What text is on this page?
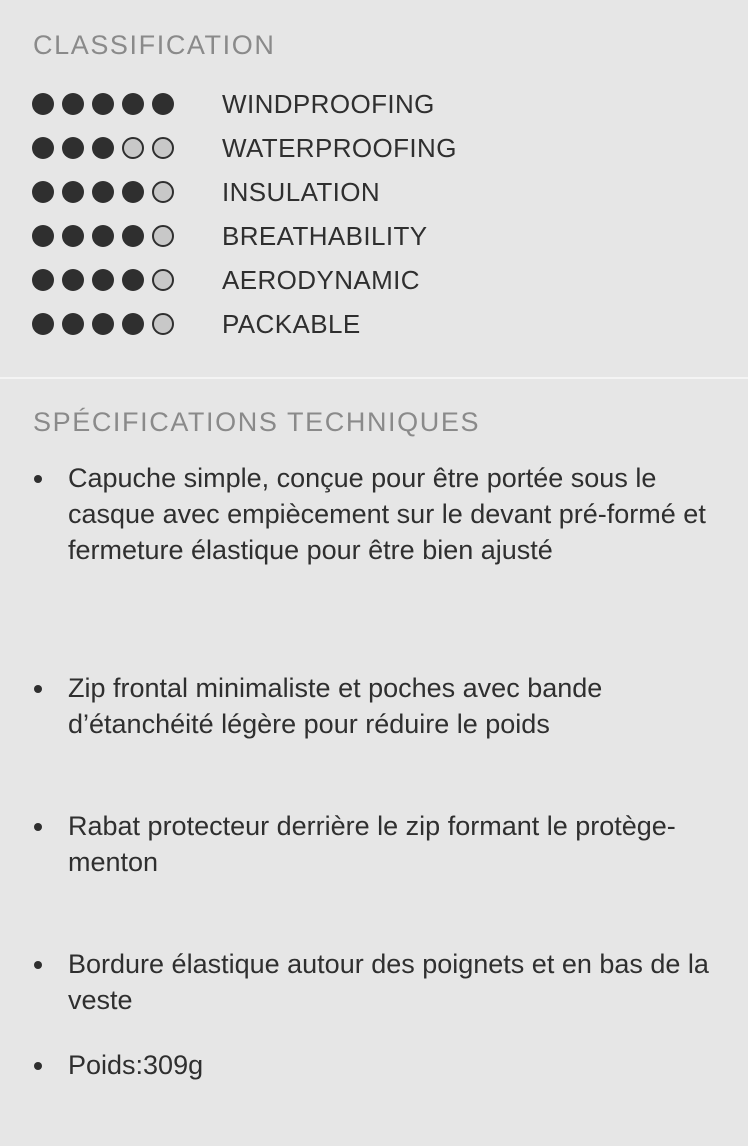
CLASSIFICATION
WINDPROOFING
WATERPROOFING
INSULATION
BREATHABILITY
AERODYNAMIC
PACKABLE
SPÉCIFICATIONS TECHNIQUES

Capuche simple, conçue pour être portée sous le casque avec empiècement sur le devant pré-formé et fermeture élastique pour être bien ajusté

Zip frontal minimaliste et poches avec bande d’étanchéité légère pour réduire le poids

Rabat protecteur derrière le zip formant le protège-menton

Bordure élastique autour des poignets et en bas de la veste

Poids:309g
